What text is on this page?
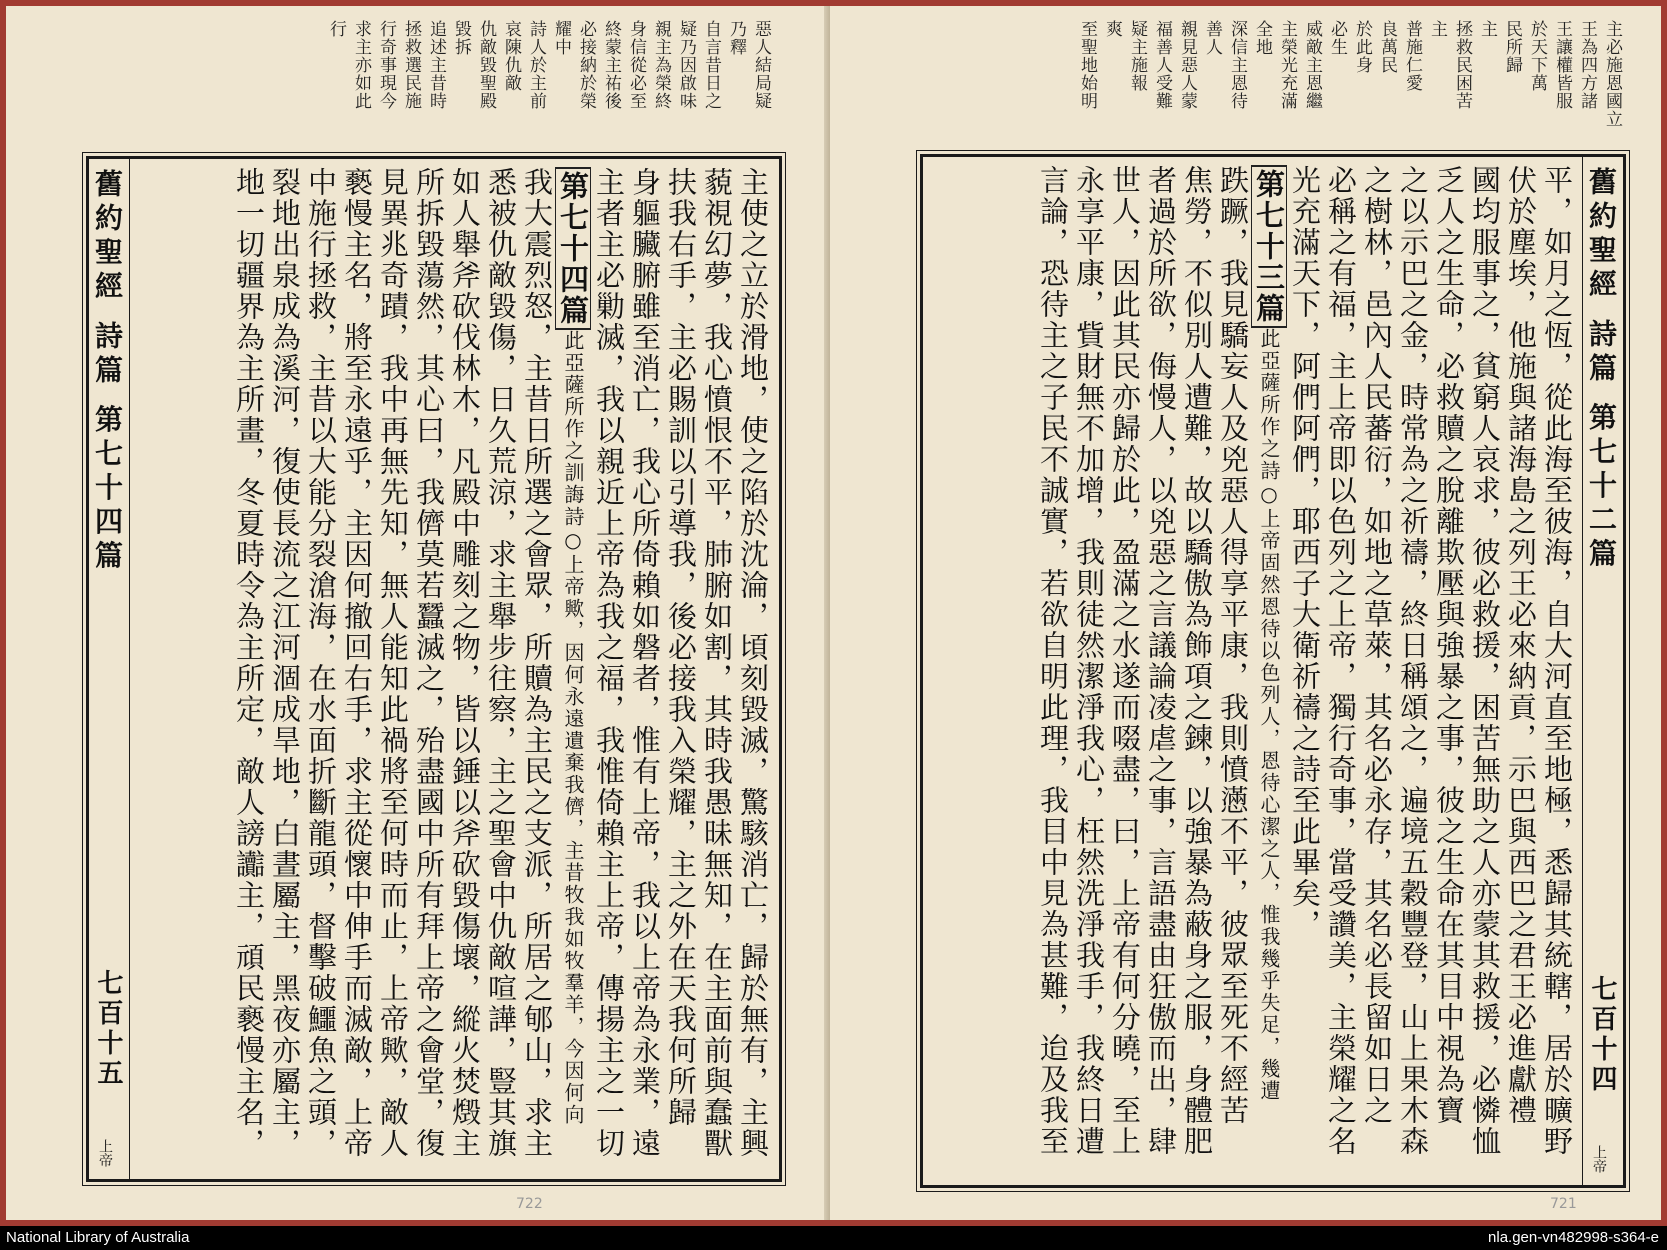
惡人結局疑
乃釋
自言昔日之
疑乃因啟味
親主為榮終
身信從必至
終蒙主祐後
必接納於榮
耀中
詩人於主前
哀陳仇敵
仇敵毀聖殿
毀拆
追述主昔時
拯救選民施
行奇事現今
求主亦如此
行
舊約聖經 詩篇 第七十四篇
七百十五
上帝
主使之立於滑地，使之陷於沈淪，頃刻毀滅，驚駭消亡，歸於無有，主興
藐視幻夢，我心憤恨不平，肺腑如割，其時我愚昧無知，在主面前與蠢獸
扶我右手，主必賜訓以引導我，後必接我入榮耀，主之外在天我何所歸
身軀臟腑雖至消亡，我心所倚賴如磐者，惟有上帝，我以上帝為永業，遠
主者主必勦滅，我以親近上帝為我之福，我惟倚賴主上帝，傳揚主之一切
第七十四篇此亞薩所作之訓誨詩○上帝歟，因何永遠遺棄我儕，主昔牧我如牧羣羊，今因何向
我大震烈怒，主昔日所選之會眾，所贖為主民之支派，所居之郇山，求主
悉被仇敵毀傷，日久荒涼，求主舉步往察，主之聖會中仇敵喧譁，豎其旗
如人舉斧砍伐林木，凡殿中雕刻之物，皆以錘以斧砍毀傷壞，縱火焚燬主
所拆毀蕩然，其心曰，我儕莫若蠶滅之，殆盡國中所有拜上帝之會堂，復
見異兆奇蹟，我中再無先知，無人能知此禍將至何時而止，上帝歟，敵人
褻慢主名，將至永遠乎，主因何撤回右手，求主從懷中伸手而滅敵，上帝
中施行拯救，主昔以大能分裂滄海，在水面折斷龍頭，督擊破鱷魚之頭，
裂地出泉成為溪河，復使長流之江河涸成旱地，白晝屬主，黑夜亦屬主，
地一切疆界為主所畫，冬夏時令為主所定，敵人謗讟主，頑民褻慢主名，
722
主必施恩國立
王為四方諸
王讓權皆服
於天下萬
民所歸
主
拯救民困苦
主
普施仁愛
良萬民
於此身
必生
威敵主恩繼
主榮光充滿
全地
深信主恩待
善人
親見惡人蒙
福善人受難
疑主施報
爽
至聖地始明
舊約聖經 詩篇 第七十二篇
七百十四
上帝
平，如月之恆，從此海至彼海，自大河直至地極，悉歸其統轄，居於曠野
伏於塵埃，他施與諸海島之列王必來納貢，示巴與西巴之君王必進獻禮
國均服事之，貧窮人哀求，彼必救援，困苦無助之人亦蒙其救援，必憐恤
乏人之生命，必救贖之脫離欺壓與強暴之事，彼之生命在其目中視為寶
之以示巴之金，時常為之祈禱，終日稱頌之，遍境五穀豐登，山上果木森
之樹林，邑內人民蕃衍，如地之草萊，其名必永存，其名必長留如日之
必稱之有福，主上帝即以色列之上帝，獨行奇事，當受讚美，主榮耀之名
光充滿天下，阿們阿們，耶西子大衛祈禱之詩至此畢矣，
第七十三篇此亞薩所作之詩○上帝固然恩待以色列人，恩待心潔之人，惟我幾乎失足，幾遭
跌蹶，我見驕妄人及兇惡人得享平康，我則憤懣不平，彼眾至死不經苦
焦勞，不似別人遭難，故以驕傲為飾項之鍊，以強暴為蔽身之服，身體肥
者過於所欲，侮慢人，以兇惡之言議論凌虐之事，言語盡由狂傲而出，肆
世人，因此其民亦歸於此，盈滿之水遂而啜盡，曰，上帝有何分曉，至上
永享平康，貲財無不加增，我則徒然潔淨我心，枉然洗淨我手，我終日遭
言論，恐待主之子民不誠實，若欲自明此理，我目中見為甚難，迨及我至
721
National Library of Australia	nla.gen-vn482998-s364-e
